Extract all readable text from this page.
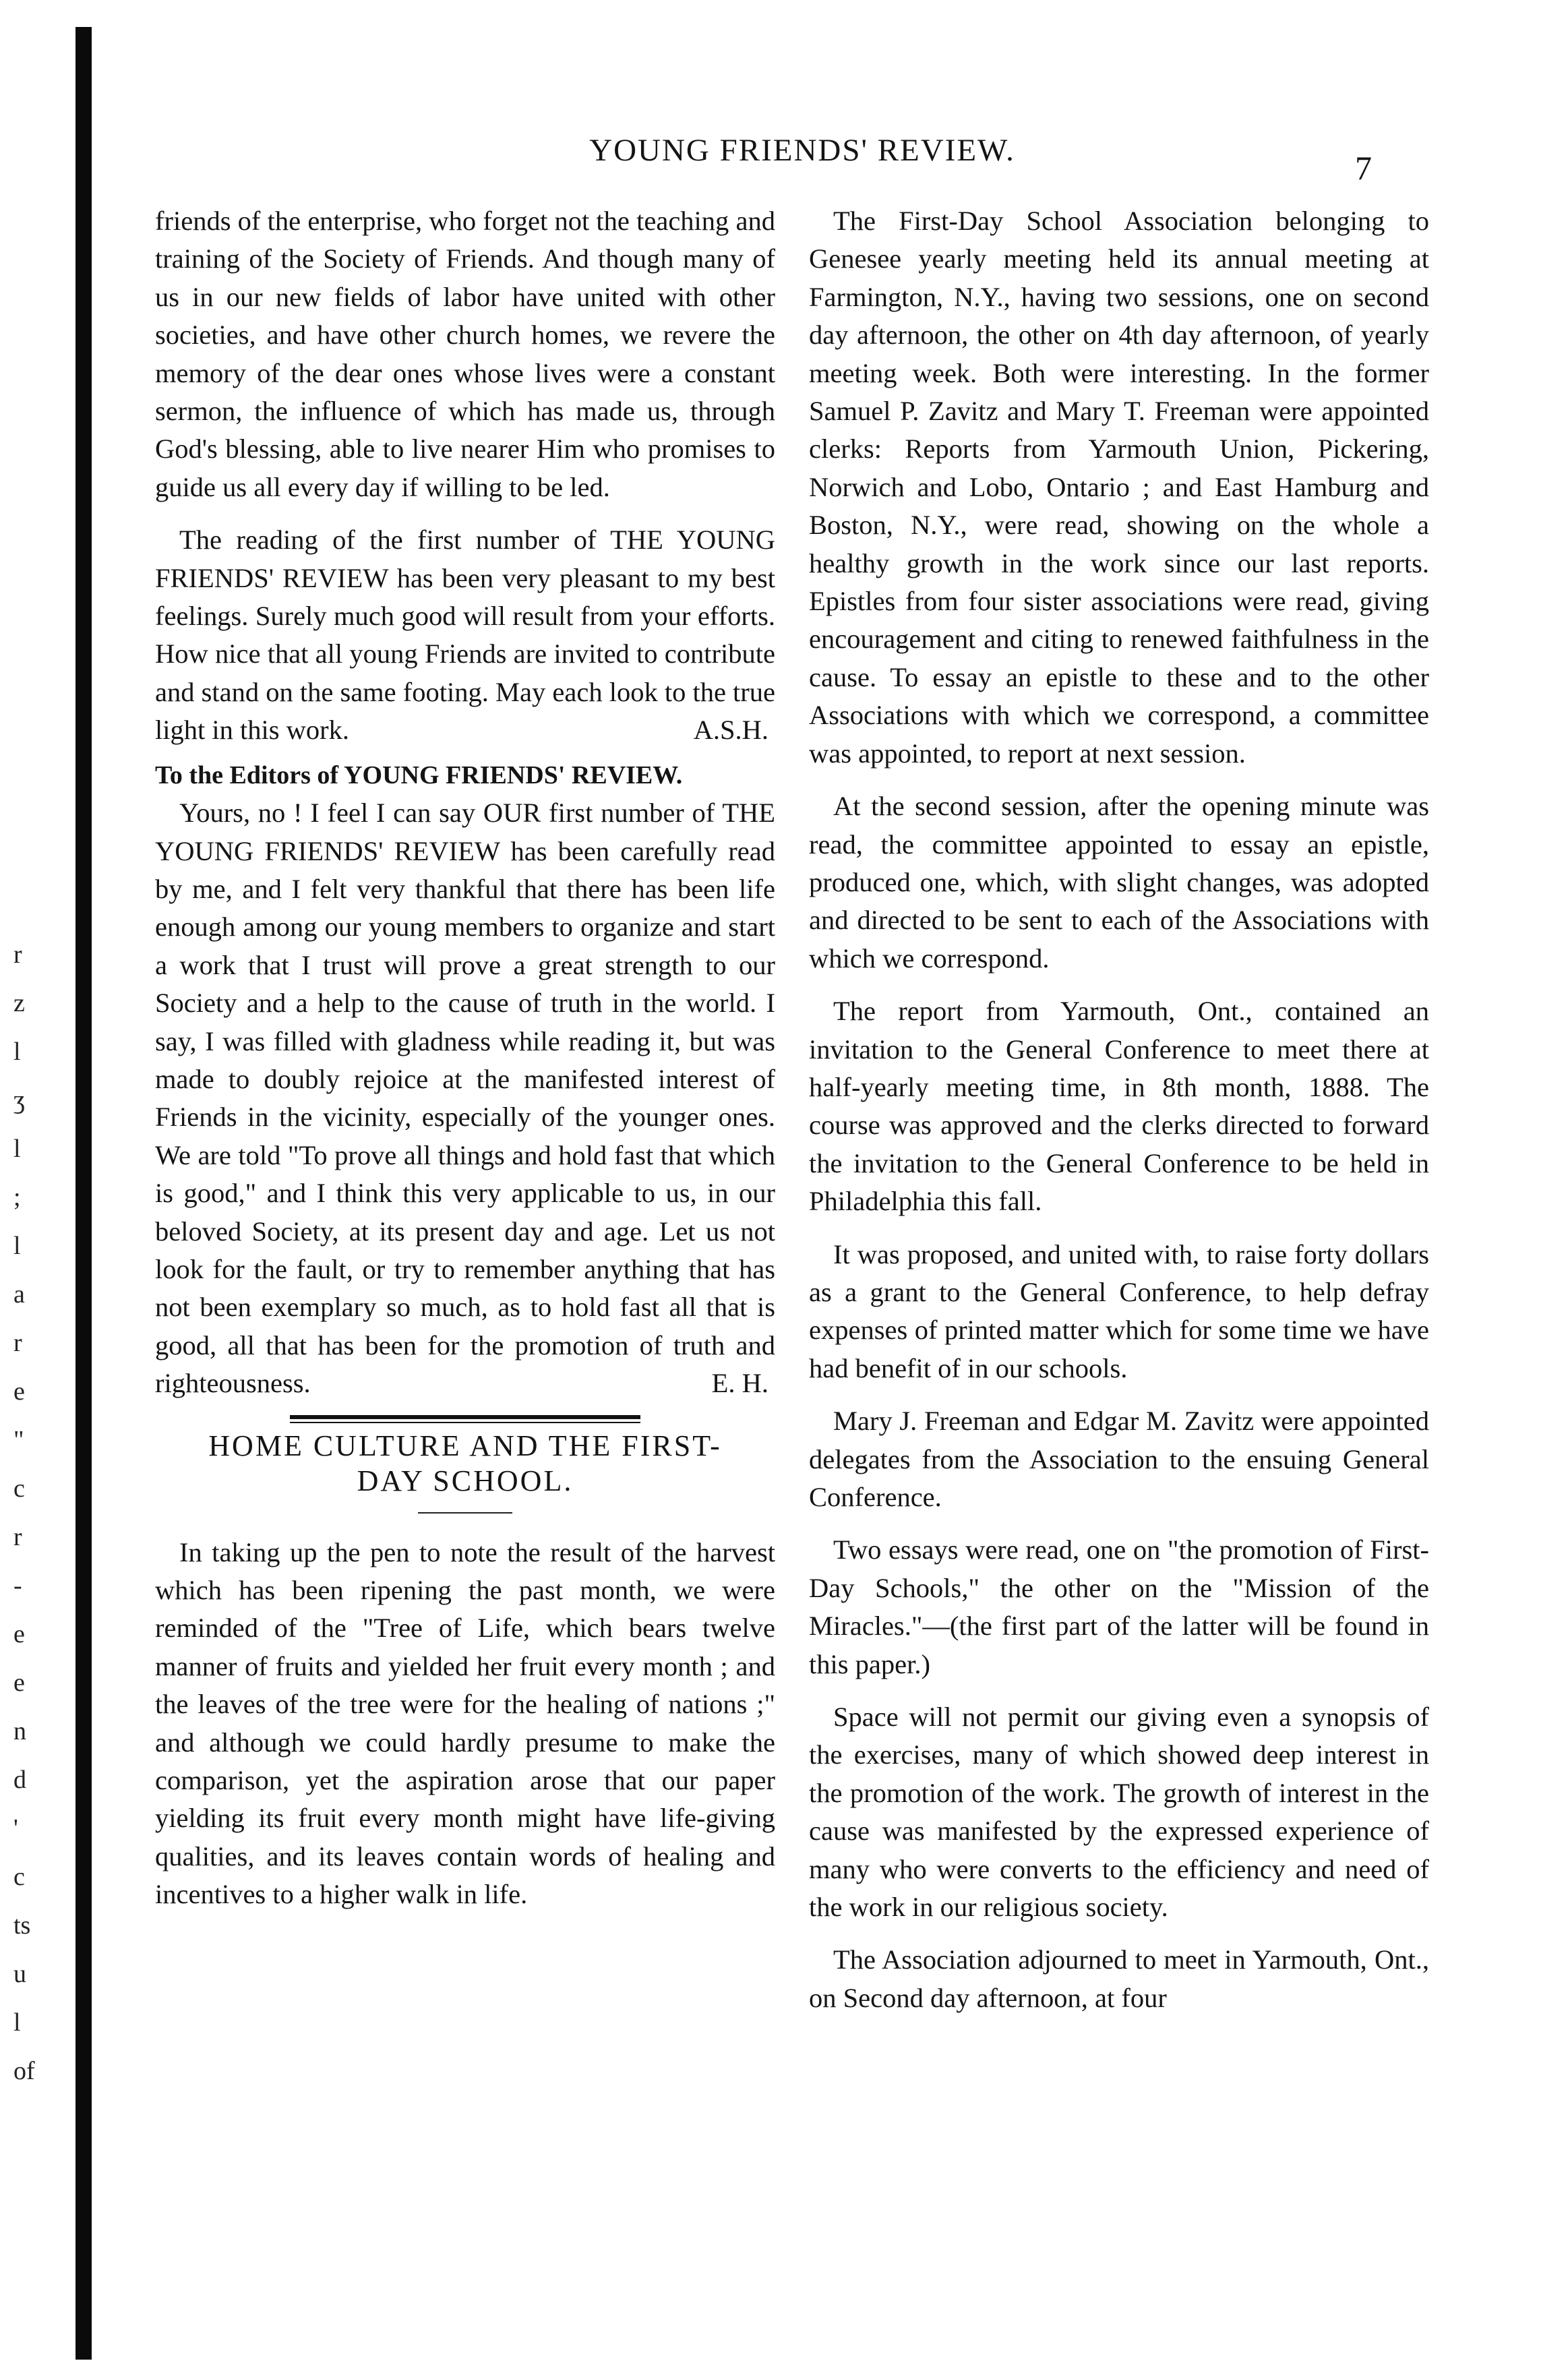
r
z
l
ʒ
l
;
l
a
r
e
"
c
r
-
e
e
n
d
'
c
ts
u
l
of
YOUNG FRIENDS' REVIEW.	7

friends of the enterprise, who forget not the teaching and training of the Society of Friends. And though many of us in our new fields of labor have united with other societies, and have other church homes, we revere the memory of the dear ones whose lives were a constant sermon, the influence of which has made us, through God's blessing, able to live nearer Him who promises to guide us all every day if willing to be led.

The reading of the first number of THE YOUNG FRIENDS' REVIEW has been very pleasant to my best feelings. Surely much good will result from your efforts. How nice that all young Friends are invited to contribute and stand on the same footing. May each look to the true light in this work.	A.S.H.

To the Editors of YOUNG FRIENDS' REVIEW.

Yours, no ! I feel I can say OUR first number of THE YOUNG FRIENDS' REVIEW has been carefully read by me, and I felt very thankful that there has been life enough among our young members to organize and start a work that I trust will prove a great strength to our Society and a help to the cause of truth in the world. I say, I was filled with gladness while reading it, but was made to doubly rejoice at the manifested interest of Friends in the vicinity, especially of the younger ones. We are told "To prove all things and hold fast that which is good," and I think this very applicable to us, in our beloved Society, at its present day and age. Let us not look for the fault, or try to remember anything that has not been exemplary so much, as to hold fast all that is good, all that has been for the promotion of truth and righteousness.	E. H.

HOME CULTURE AND THE FIRST-
DAY SCHOOL.

In taking up the pen to note the result of the harvest which has been ripening the past month, we were reminded of the "Tree of Life, which bears twelve manner of fruits and yielded her fruit every month ; and the leaves of the tree were for the healing of nations ;" and although we could hardly presume to make the comparison, yet the aspiration arose that our paper yielding its fruit every month might have life-giving qualities, and its leaves contain words of healing and incentives to a higher walk in life.

The First-Day School Association belonging to Genesee yearly meeting held its annual meeting at Farmington, N.Y., having two sessions, one on second day afternoon, the other on 4th day afternoon, of yearly meeting week. Both were interesting. In the former Samuel P. Zavitz and Mary T. Freeman were appointed clerks: Reports from Yarmouth Union, Pickering, Norwich and Lobo, Ontario ; and East Hamburg and Boston, N.Y., were read, showing on the whole a healthy growth in the work since our last reports. Epistles from four sister associations were read, giving encouragement and citing to renewed faithfulness in the cause. To essay an epistle to these and to the other Associations with which we correspond, a committee was appointed, to report at next session.

At the second session, after the opening minute was read, the committee appointed to essay an epistle, produced one, which, with slight changes, was adopted and directed to be sent to each of the Associations with which we correspond.

The report from Yarmouth, Ont., contained an invitation to the General Conference to meet there at half-yearly meeting time, in 8th month, 1888. The course was approved and the clerks directed to forward the invitation to the General Conference to be held in Philadelphia this fall.

It was proposed, and united with, to raise forty dollars as a grant to the General Conference, to help defray expenses of printed matter which for some time we have had benefit of in our schools.

Mary J. Freeman and Edgar M. Zavitz were appointed delegates from the Association to the ensuing General Conference.

Two essays were read, one on "the promotion of First-Day Schools," the other on the "Mission of the Miracles."—(the first part of the latter will be found in this paper.)

Space will not permit our giving even a synopsis of the exercises, many of which showed deep interest in the promotion of the work. The growth of interest in the cause was manifested by the expressed experience of many who were converts to the efficiency and need of the work in our religious society.

The Association adjourned to meet in Yarmouth, Ont., on Second day afternoon, at four
